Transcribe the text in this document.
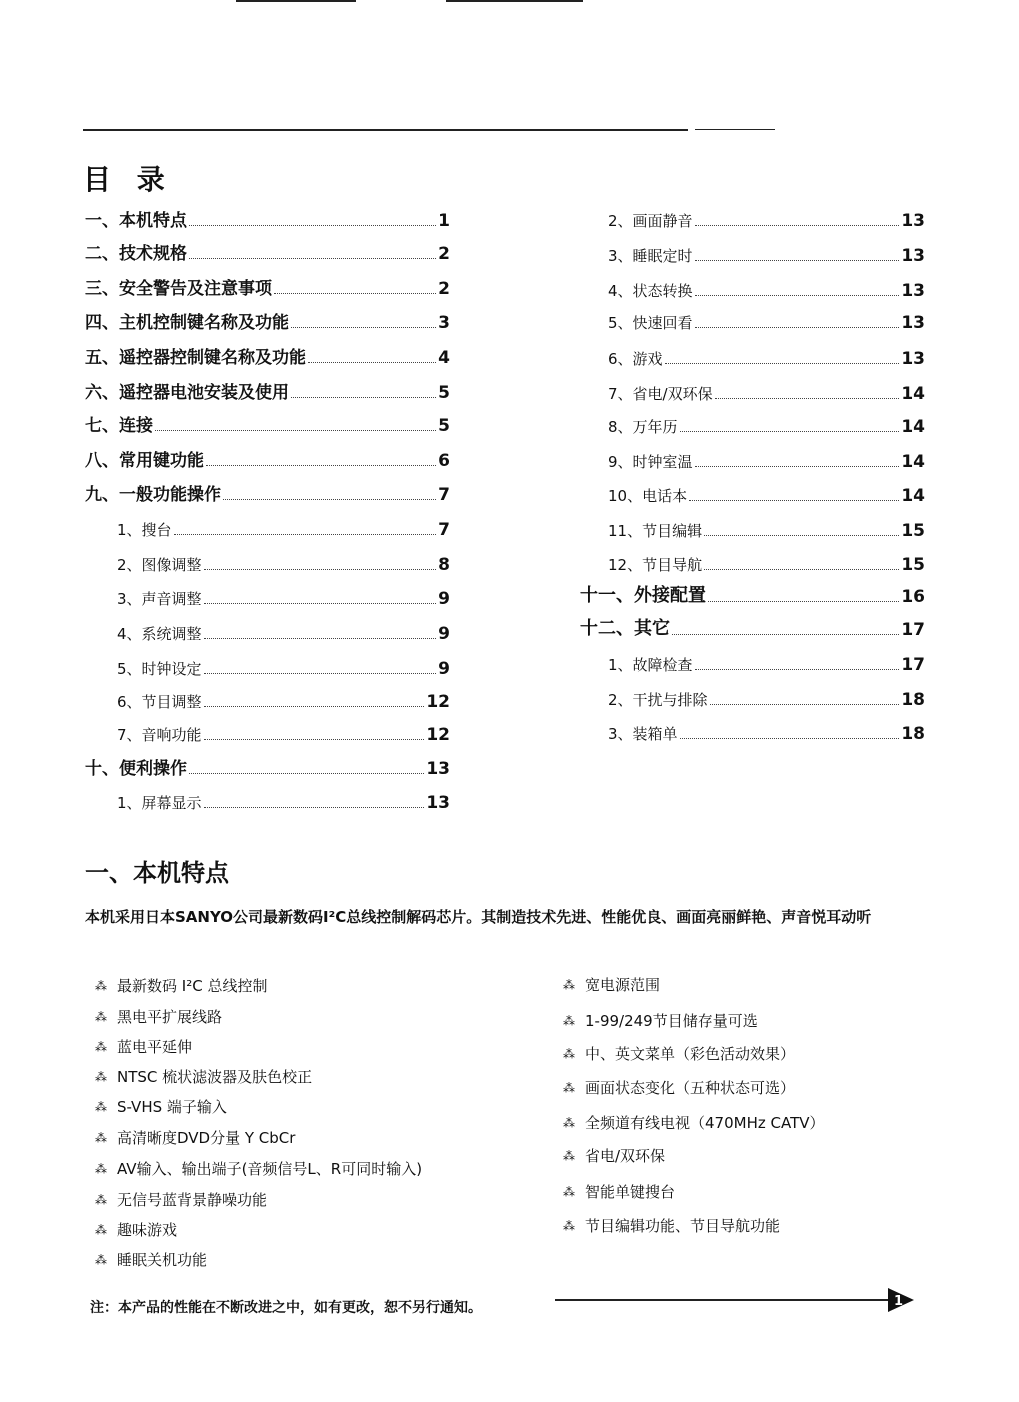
目 录
一、本机特点	1
二、技术规格	2
三、安全警告及注意事项	2
四、主机控制键名称及功能	3
五、遥控器控制键名称及功能	4
六、遥控器电池安装及使用	5
七、连接	5
八、常用键功能	6
九、一般功能操作	7
1、搜台	7
2、图像调整	8
3、声音调整	9
4、系统调整	9
5、时钟设定	9
6、节目调整	12
7、音响功能	12
十、便利操作	13
1、屏幕显示	13
2、画面静音	13
3、睡眠定时	13
4、状态转换	13
5、快速回看	13
6、游戏	13
7、省电/双环保	14
8、万年历	14
9、时钟室温	14
10、电话本	14
11、节目编辑	15
12、节目导航	15
十一、外接配置	16
十二、其它	17
1、故障检查	17
2、干扰与排除	18
3、装箱单	18
一、本机特点

本机采用日本SANYO公司最新数码I²C总线控制解码芯片。其制造技术先进、性能优良、画面亮丽鲜艳、声音悦耳动听

⁂ 最新数码 I²C 总线控制
⁂ 黑电平扩展线路
⁂ 蓝电平延伸
⁂ NTSC 梳状滤波器及肤色校正
⁂ S-VHS 端子输入
⁂ 高清晰度DVD分量 Y CbCr
⁂ AV输入、输出端子(音频信号L、R可同时输入)
⁂ 无信号蓝背景静噪功能
⁂ 趣味游戏
⁂ 睡眠关机功能
⁂ 宽电源范围
⁂ 1-99/249节目储存量可选
⁂ 中、英文菜单（彩色活动效果）
⁂ 画面状态变化（五种状态可选）
⁂ 全频道有线电视（470MHz CATV）
⁂ 省电/双环保
⁂ 智能单键搜台
⁂ 节目编辑功能、节目导航功能

注：本产品的性能在不断改进之中，如有更改，恕不另行通知。	1
